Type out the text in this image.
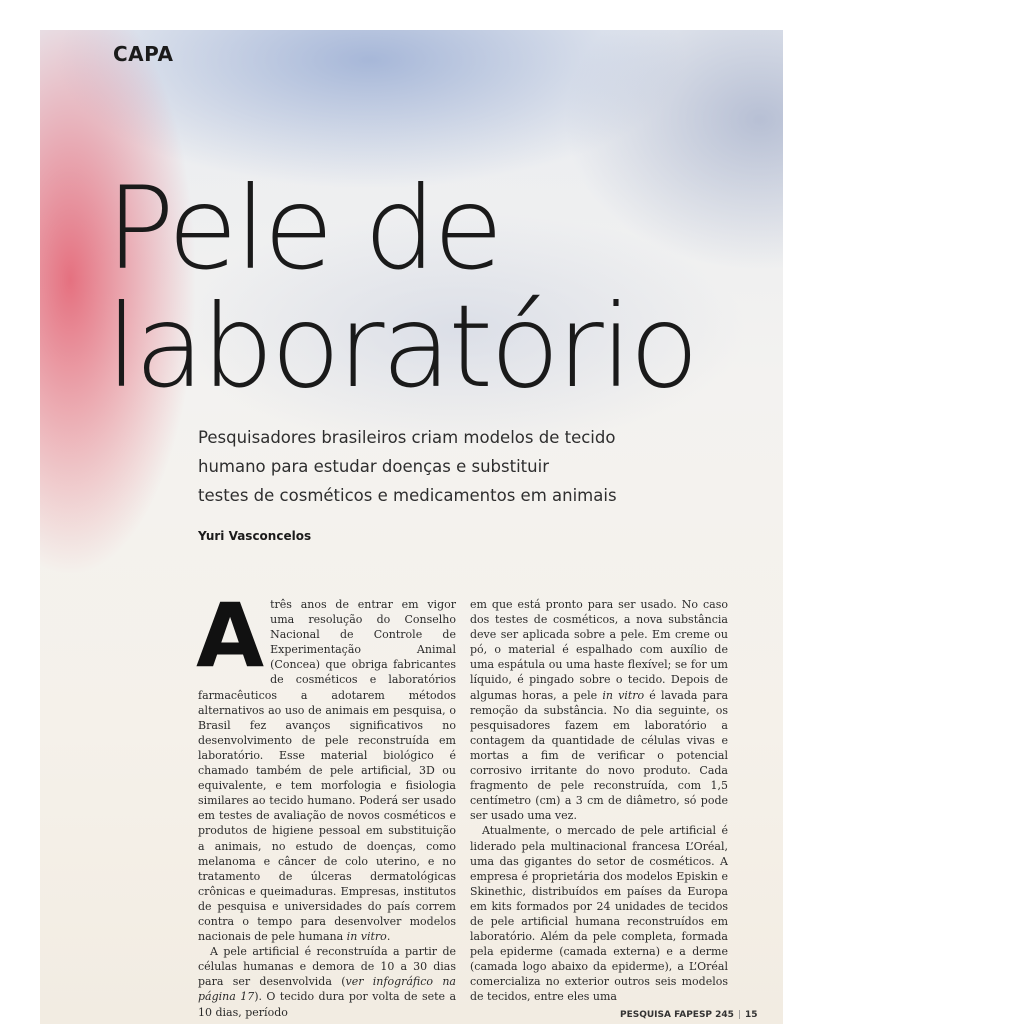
CAPA
Pele de
laboratório
Pesquisadores brasileiros criam modelos de tecido
humano para estudar doenças e substituir
testes de cosméticos e medicamentos em animais
Yuri Vasconcelos

A três anos de entrar em vigor uma resolução do Conselho Nacional de Controle de Experimentação Animal (Concea) que obriga fabricantes de cosméticos e laboratórios farmacêuticos a adotarem métodos alternativos ao uso de animais em pesquisa, o Brasil fez avanços significativos no desenvolvimento de pele reconstruída em laboratório. Esse material biológico é chamado também de pele artificial, 3D ou equivalente, e tem morfologia e fisiologia similares ao tecido humano. Poderá ser usado em testes de avaliação de novos cosméticos e produtos de higiene pessoal em substituição a animais, no estudo de doenças, como melanoma e câncer de colo uterino, e no tratamento de úlceras dermatológicas crônicas e queimaduras. Empresas, institutos de pesquisa e universidades do país correm contra o tempo para desenvolver modelos nacionais de pele humana in vitro.

A pele artificial é reconstruída a partir de células humanas e demora de 10 a 30 dias para ser desenvolvida (ver infográfico na página 17). O tecido dura por volta de sete a 10 dias, período

em que está pronto para ser usado. No caso dos testes de cosméticos, a nova substância deve ser aplicada sobre a pele. Em creme ou pó, o material é espalhado com auxílio de uma espátula ou uma haste flexível; se for um líquido, é pingado sobre o tecido. Depois de algumas horas, a pele in vitro é lavada para remoção da substância. No dia seguinte, os pesquisadores fazem em laboratório a contagem da quantidade de células vivas e mortas a fim de verificar o potencial corrosivo irritante do novo produto. Cada fragmento de pele reconstruída, com 1,5 centímetro (cm) a 3 cm de diâmetro, só pode ser usado uma vez.

Atualmente, o mercado de pele artificial é liderado pela multinacional francesa L’Oréal, uma das gigantes do setor de cosméticos. A empresa é proprietária dos modelos Episkin e Skinethic, distribuídos em países da Europa em kits formados por 24 unidades de tecidos de pele artificial humana reconstruídos em laboratório. Além da pele completa, formada pela epiderme (camada externa) e a derme (camada logo abaixo da epiderme), a L’Oréal comercializa no exterior outros seis modelos de tecidos, entre eles uma

PESQUISA FAPESP 245 | 15
